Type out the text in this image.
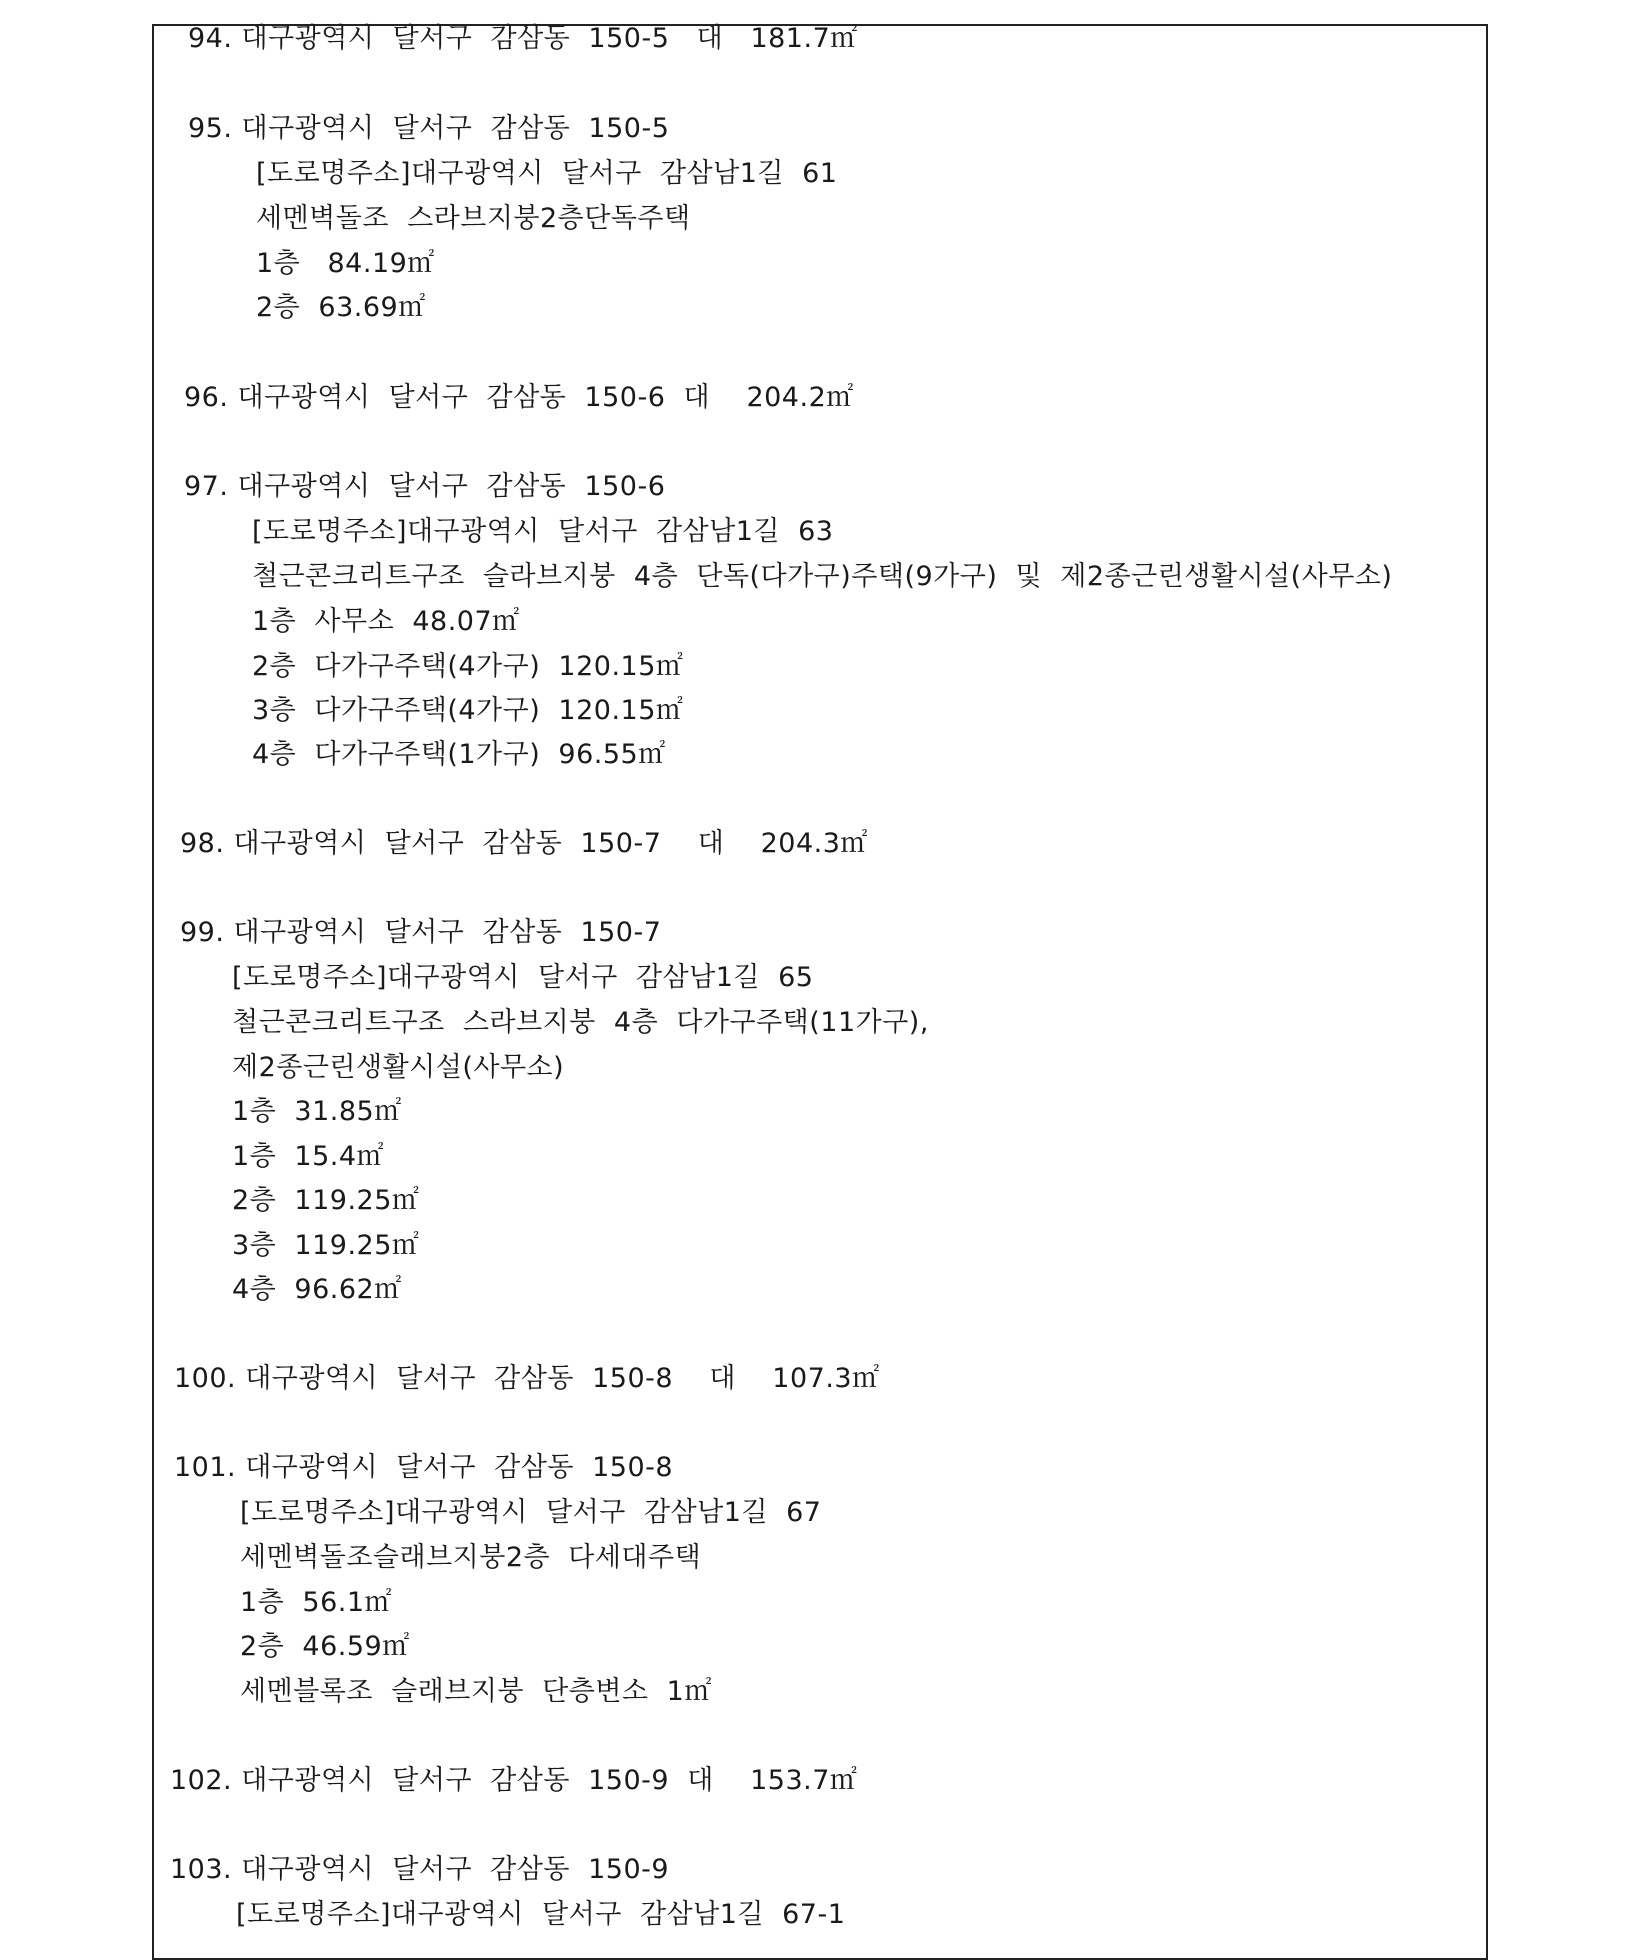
94. 대구광역시  달서구  감삼동  150-5   대   181.7㎡
95. 대구광역시  달서구  감삼동  150-5
[도로명주소]대구광역시  달서구  감삼남1길  61
세멘벽돌조  스라브지붕2층단독주택
1층   84.19㎡
2층  63.69㎡
96. 대구광역시  달서구  감삼동  150-6  대    204.2㎡
97. 대구광역시  달서구  감삼동  150-6
[도로명주소]대구광역시  달서구  감삼남1길  63
철근콘크리트구조  슬라브지붕  4층  단독(다가구)주택(9가구)  및  제2종근린생활시설(사무소)
1층  사무소  48.07㎡
2층  다가구주택(4가구)  120.15㎡
3층  다가구주택(4가구)  120.15㎡
4층  다가구주택(1가구)  96.55㎡
98. 대구광역시  달서구  감삼동  150-7    대    204.3㎡
99. 대구광역시  달서구  감삼동  150-7
[도로명주소]대구광역시  달서구  감삼남1길  65
철근콘크리트구조  스라브지붕  4층  다가구주택(11가구),
제2종근린생활시설(사무소)
1층  31.85㎡
1층  15.4㎡
2층  119.25㎡
3층  119.25㎡
4층  96.62㎡
100. 대구광역시  달서구  감삼동  150-8    대    107.3㎡
101. 대구광역시  달서구  감삼동  150-8
[도로명주소]대구광역시  달서구  감삼남1길  67
세멘벽돌조슬래브지붕2층  다세대주택
1층  56.1㎡
2층  46.59㎡
세멘블록조  슬래브지붕  단층변소  1㎡
102. 대구광역시  달서구  감삼동  150-9  대    153.7㎡
103. 대구광역시  달서구  감삼동  150-9
[도로명주소]대구광역시  달서구  감삼남1길  67-1
